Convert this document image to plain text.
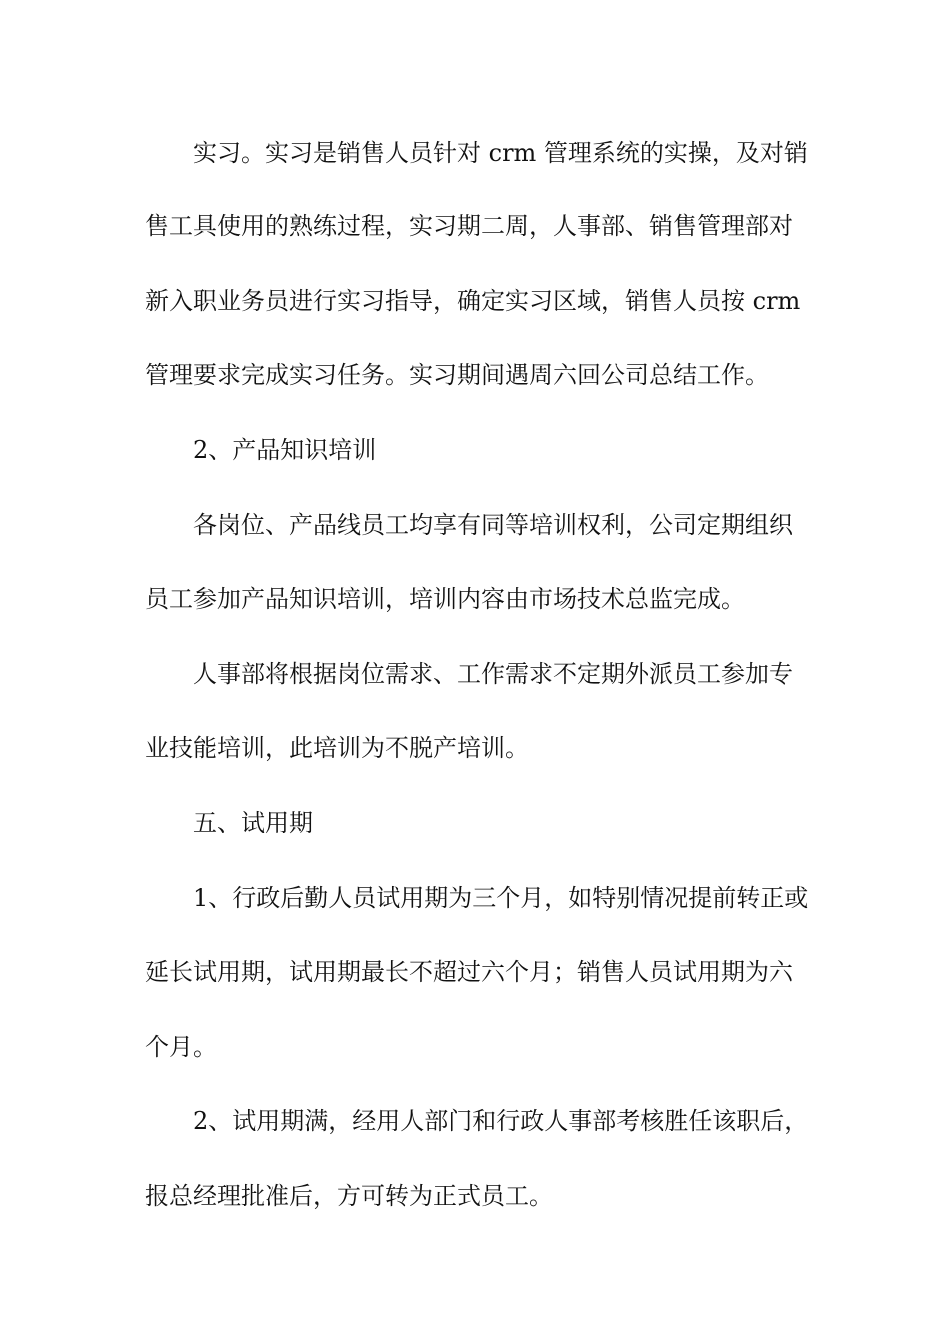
实习。实习是销售人员针对 crm 管理系统的实操，及对销
售工具使用的熟练过程，实习期二周，人事部、销售管理部对
新入职业务员进行实习指导，确定实习区域，销售人员按 crm
管理要求完成实习任务。实习期间遇周六回公司总结工作。
2、产品知识培训
各岗位、产品线员工均享有同等培训权利，公司定期组织
员工参加产品知识培训，培训内容由市场技术总监完成。
人事部将根据岗位需求、工作需求不定期外派员工参加专
业技能培训，此培训为不脱产培训。
五、试用期
1、行政后勤人员试用期为三个月，如特别情况提前转正或
延长试用期，试用期最长不超过六个月；销售人员试用期为六
个月。
2、试用期满，经用人部门和行政人事部考核胜任该职后，
报总经理批准后，方可转为正式员工。
